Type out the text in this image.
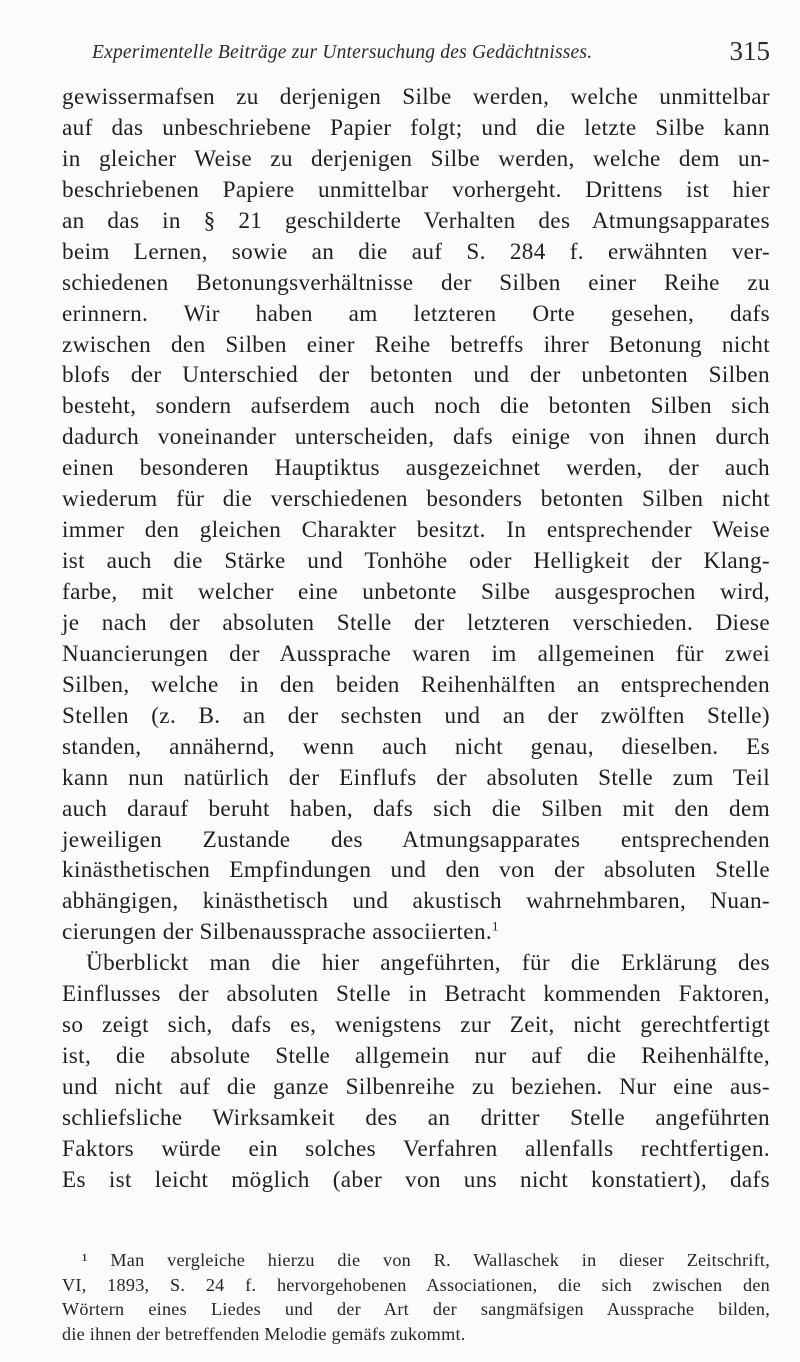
Experimentelle Beiträge zur Untersuchung des Gedächtnisses.	315
gewissermafsen zu derjenigen Silbe werden, welche unmittelbar
auf das unbeschriebene Papier folgt; und die letzte Silbe kann
in gleicher Weise zu derjenigen Silbe werden, welche dem un-
beschriebenen Papiere unmittelbar vorhergeht. Drittens ist hier
an das in § 21 geschilderte Verhalten des Atmungsapparates
beim Lernen, sowie an die auf S. 284 f. erwähnten ver-
schiedenen Betonungsverhältnisse der Silben einer Reihe zu
erinnern. Wir haben am letzteren Orte gesehen, dafs
zwischen den Silben einer Reihe betreffs ihrer Betonung nicht
blofs der Unterschied der betonten und der unbetonten Silben
besteht, sondern aufserdem auch noch die betonten Silben sich
dadurch voneinander unterscheiden, dafs einige von ihnen durch
einen besonderen Hauptiktus ausgezeichnet werden, der auch
wiederum für die verschiedenen besonders betonten Silben nicht
immer den gleichen Charakter besitzt. In entsprechender Weise
ist auch die Stärke und Tonhöhe oder Helligkeit der Klang-
farbe, mit welcher eine unbetonte Silbe ausgesprochen wird,
je nach der absoluten Stelle der letzteren verschieden. Diese
Nuancierungen der Aussprache waren im allgemeinen für zwei
Silben, welche in den beiden Reihenhälften an entsprechenden
Stellen (z. B. an der sechsten und an der zwölften Stelle)
standen, annähernd, wenn auch nicht genau, dieselben. Es
kann nun natürlich der Einflufs der absoluten Stelle zum Teil
auch darauf beruht haben, dafs sich die Silben mit den dem
jeweiligen Zustande des Atmungsapparates entsprechenden
kinästhetischen Empfindungen und den von der absoluten Stelle
abhängigen, kinästhetisch und akustisch wahrnehmbaren, Nuan-
cierungen der Silbenaussprache associierten.$^1$
Überblickt man die hier angeführten, für die Erklärung des
Einflusses der absoluten Stelle in Betracht kommenden Faktoren,
so zeigt sich, dafs es, wenigstens zur Zeit, nicht gerechtfertigt
ist, die absolute Stelle allgemein nur auf die Reihenhälfte,
und nicht auf die ganze Silbenreihe zu beziehen. Nur eine aus-
schliefsliche Wirksamkeit des an dritter Stelle angeführten
Faktors würde ein solches Verfahren allenfalls rechtfertigen.
Es ist leicht möglich (aber von uns nicht konstatiert), dafs
¹ Man vergleiche hierzu die von R. Wallaschek in dieser Zeitschrift,
VI, 1893, S. 24 f. hervorgehobenen Associationen, die sich zwischen den
Wörtern eines Liedes und der Art der sangmäfsigen Aussprache bilden,
die ihnen der betreffenden Melodie gemäfs zukommt.
